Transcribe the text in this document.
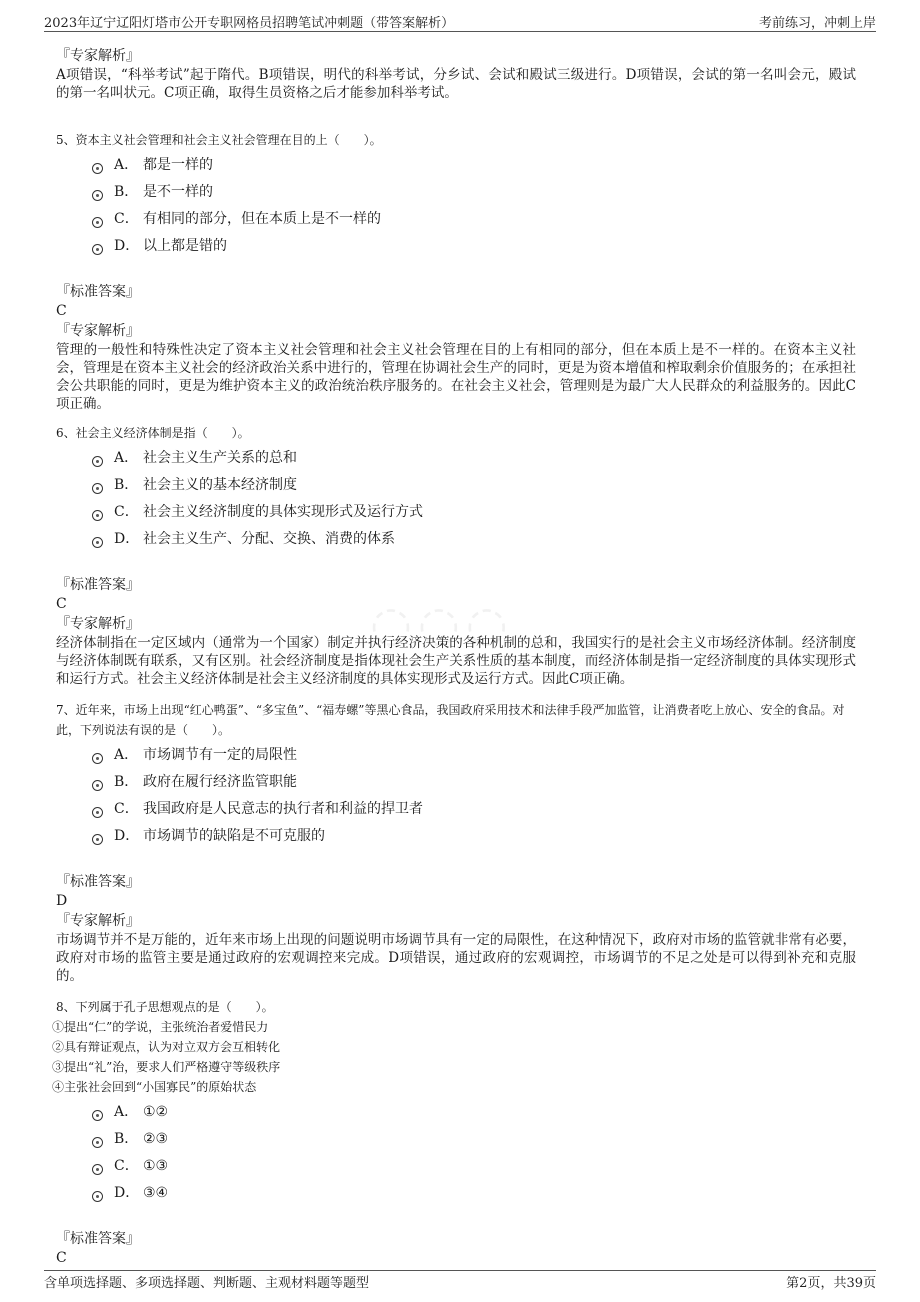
2023年辽宁辽阳灯塔市公开专职网格员招聘笔试冲刺题（带答案解析）	考前练习，冲刺上岸
◌◌◌
『专家解析』

A项错误，“科举考试”起于隋代。B项错误，明代的科举考试，分乡试、会试和殿试三级进行。D项错误，会试的第一名叫会元，殿试的第一名叫状元。C项正确，取得生员资格之后才能参加科举考试。

5、资本主义社会管理和社会主义社会管理在目的上（　　）。

A． 都是一样的
B． 是不一样的
C． 有相同的部分，但在本质上是不一样的
D． 以上都是错的
『标准答案』
C
『专家解析』

管理的一般性和特殊性决定了资本主义社会管理和社会主义社会管理在目的上有相同的部分，但在本质上是不一样的。在资本主义社会，管理是在资本主义社会的经济政治关系中进行的，管理在协调社会生产的同时，更是为资本增值和榨取剩余价值服务的；在承担社会公共职能的同时，更是为维护资本主义的政治统治秩序服务的。在社会主义社会，管理则是为最广大人民群众的利益服务的。因此C项正确。

6、社会主义经济体制是指（　　）。

A． 社会主义生产关系的总和
B． 社会主义的基本经济制度
C． 社会主义经济制度的具体实现形式及运行方式
D． 社会主义生产、分配、交换、消费的体系
『标准答案』
C
『专家解析』

经济体制指在一定区域内（通常为一个国家）制定并执行经济决策的各种机制的总和，我国实行的是社会主义市场经济体制。经济制度与经济体制既有联系，又有区别。社会经济制度是指体现社会生产关系性质的基本制度，而经济体制是指一定经济制度的具体实现形式和运行方式。社会主义经济体制是社会主义经济制度的具体实现形式及运行方式。因此C项正确。

7、近年来，市场上出现“红心鸭蛋”、“多宝鱼”、“福寿螺”等黑心食品，我国政府采用技术和法律手段严加监管，让消费者吃上放心、安全的食品。对此，下列说法有误的是（　　）。

A． 市场调节有一定的局限性
B． 政府在履行经济监管职能
C． 我国政府是人民意志的执行者和利益的捍卫者
D． 市场调节的缺陷是不可克服的
『标准答案』
D
『专家解析』

市场调节并不是万能的，近年来市场上出现的问题说明市场调节具有一定的局限性，在这种情况下，政府对市场的监管就非常有必要，政府对市场的监管主要是通过政府的宏观调控来完成。D项错误，通过政府的宏观调控，市场调节的不足之处是可以得到补充和克服的。

8、下列属于孔子思想观点的是（　　）。

①提出“仁”的学说，主张统治者爱惜民力

②具有辩证观点，认为对立双方会互相转化

③提出“礼”治，要求人们严格遵守等级秩序

④主张社会回到“小国寡民”的原始状态

A． ①②
B． ②③
C． ①③
D． ③④
『标准答案』
C
含单项选择题、多项选择题、判断题、主观材料题等题型	第2页，共39页
